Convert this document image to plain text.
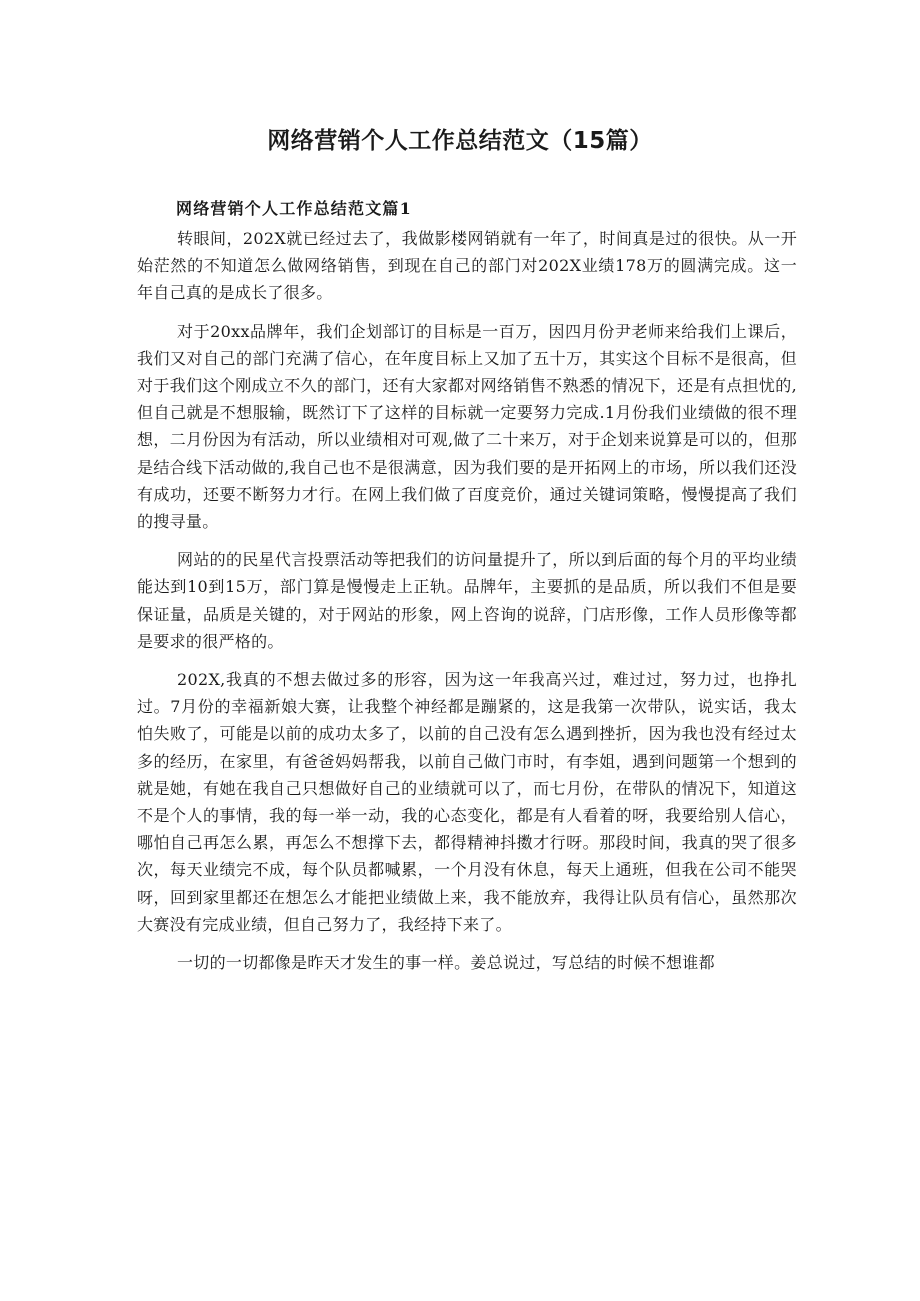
网络营销个人工作总结范文（15篇）
网络营销个人工作总结范文篇1

转眼间，202X就已经过去了，我做影楼网销就有一年了，时间真是过的很快。从一开始茫然的不知道怎么做网络销售，到现在自己的部门对202X业绩178万的圆满完成。这一年自己真的是成长了很多。

对于20xx品牌年，我们企划部订的目标是一百万，因四月份尹老师来给我们上课后，我们又对自己的部门充满了信心，在年度目标上又加了五十万，其实这个目标不是很高，但对于我们这个刚成立不久的部门，还有大家都对网络销售不熟悉的情况下，还是有点担忧的,但自己就是不想服输，既然订下了这样的目标就一定要努力完成.1月份我们业绩做的很不理想，二月份因为有活动，所以业绩相对可观,做了二十来万，对于企划来说算是可以的，但那是结合线下活动做的,我自己也不是很满意，因为我们要的是开拓网上的市场，所以我们还没有成功，还要不断努力才行。在网上我们做了百度竞价，通过关键词策略，慢慢提高了我们的搜寻量。

网站的的民星代言投票活动等把我们的访问量提升了，所以到后面的每个月的平均业绩能达到10到15万，部门算是慢慢走上正轨。品牌年，主要抓的是品质，所以我们不但是要保证量，品质是关键的，对于网站的形象，网上咨询的说辞，门店形像，工作人员形像等都是要求的很严格的。

202X,我真的不想去做过多的形容，因为这一年我高兴过，难过过，努力过，也挣扎过。7月份的幸福新娘大赛，让我整个神经都是蹦紧的，这是我第一次带队，说实话，我太怕失败了，可能是以前的成功太多了，以前的自己没有怎么遇到挫折，因为我也没有经过太多的经历，在家里，有爸爸妈妈帮我，以前自己做门市时，有李姐，遇到问题第一个想到的就是她，有她在我自己只想做好自己的业绩就可以了，而七月份，在带队的情况下，知道这不是个人的事情，我的每一举一动，我的心态变化，都是有人看着的呀，我要给别人信心，哪怕自己再怎么累，再怎么不想撑下去，都得精神抖擞才行呀。那段时间，我真的哭了很多次，每天业绩完不成，每个队员都喊累，一个月没有休息，每天上通班，但我在公司不能哭呀，回到家里都还在想怎么才能把业绩做上来，我不能放弃，我得让队员有信心，虽然那次大赛没有完成业绩，但自己努力了，我经持下来了。

一切的一切都像是昨天才发生的事一样。姜总说过，写总结的时候不想谁都
